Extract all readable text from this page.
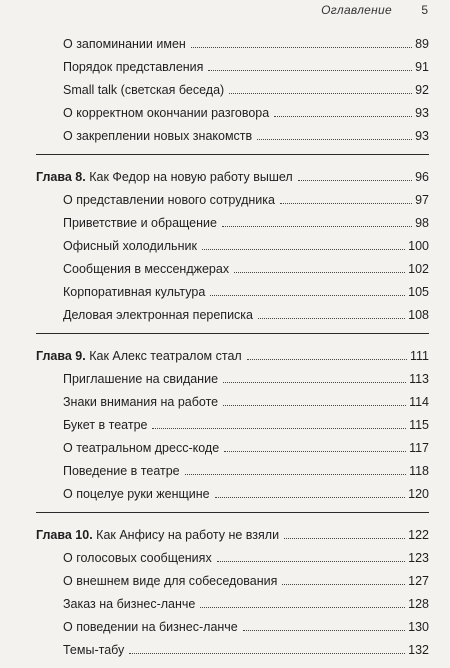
Оглавление 5
О запоминании имен	89
Порядок представления	91
Small talk (светская беседа)	92
О корректном окончании разговора	93
О закреплении новых знакомств	93
Глава 8. Как Федор на новую работу вышел	96
О представлении нового сотрудника	97
Приветствие и обращение	98
Офисный холодильник	100
Сообщения в мессенджерах	102
Корпоративная культура	105
Деловая электронная переписка	108
Глава 9. Как Алекс театралом стал	111
Приглашение на свидание	113
Знаки внимания на работе	114
Букет в театре	115
О театральном дресс-коде	117
Поведение в театре	118
О поцелуе руки женщине	120
Глава 10. Как Анфису на работу не взяли	122
О голосовых сообщениях	123
О внешнем виде для собеседования	127
Заказ на бизнес-ланче	128
О поведении на бизнес-ланче	130
Темы-табу	132
